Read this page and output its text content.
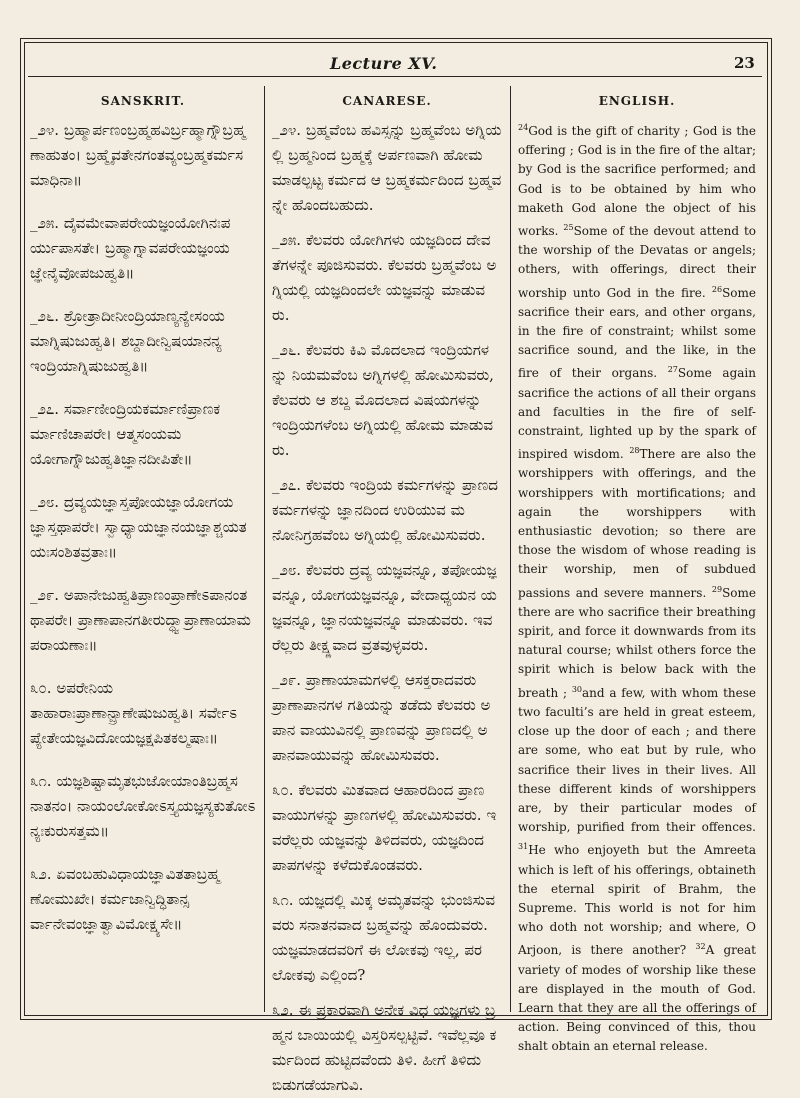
Lecture XV.	23
SANSKRIT.

_೨೪. ಬ್ರಹ್ಮಾರ್ಪಣಂಬ್ರಹ್ಮಹವಿರ್ಬ್ರಹ್ಮಾಗ್ನೌಬ್ರಹ್ಮಣಾಹುತಂ। ಬ್ರಹ್ಮೈವತೇನಗಂತವ್ಯಂಬ್ರಹ್ಮಕರ್ಮಸಮಾಧಿನಾ॥

_೨೫. ದೈವಮೇವಾಪರೇಯಜ್ಞಂಯೋಗಿನಃಪರ್ಯುಪಾಸತೇ। ಬ್ರಹ್ಮಾಗ್ನಾವಪರೇಯಜ್ಞಂಯಜ್ಞೇನೈವೋಪಜುಹ್ವತಿ॥

_೨೬. ಶ್ರೋತ್ರಾದೀನೀಂದ್ರಿಯಾಣ್ಯನ್ಯೇಸಂಯಮಾಗ್ನಿಷುಜುಹ್ವತಿ। ಶಬ್ದಾದೀನ್ವಿಷಯಾನನ್ಯಇಂದ್ರಿಯಾಗ್ನಿಷುಜುಹ್ವತಿ॥

_೨೭. ಸರ್ವಾಣೀಂದ್ರಿಯಕರ್ಮಾಣಿಪ್ರಾಣಕರ್ಮಾಣಿಚಾಪರೇ। ಆತ್ಮಸಂಯಮಯೋಗಾಗ್ನೌಜುಹ್ವತಿಜ್ಞಾನದೀಪಿತೇ॥

_೨೮. ದ್ರವ್ಯಯಜ್ಞಾಸ್ತಪೋಯಜ್ಞಾಯೋಗಯಜ್ಞಾಸ್ತಥಾಪರೇ। ಸ್ವಾಧ್ಯಾಯಜ್ಞಾನಯಜ್ಞಾಶ್ಚಯತಯಃಸಂಶಿತವ್ರತಾಃ॥

_೨೯. ಅಪಾನೇಜುಹ್ವತಿಪ್ರಾಣಂಪ್ರಾಣೇಽಪಾನಂತಥಾಪರೇ। ಪ್ರಾಣಾಪಾನಗತೀರುದ್ಧ್ವಾಪ್ರಾಣಾಯಾಮಪರಾಯಣಾಃ॥

೩೦. ಅಪರೇನಿಯತಾಹಾರಾಃಪ್ರಾಣಾನ್ಪ್ರಾಣೇಷುಜುಹ್ವತಿ। ಸರ್ವೇಽಪ್ಯೇತೇಯಜ್ಞವಿದೋಯಜ್ಞಕ್ಷಪಿತಕಲ್ಮಷಾಃ॥

೩೧. ಯಜ್ಞಶಿಷ್ಟಾಮೃತಭುಜೋಯಾಂತಿಬ್ರಹ್ಮಸನಾತನಂ। ನಾಯಂಲೋಕೋಽಸ್ತ್ಯಯಜ್ಞಸ್ಯಕುತೋಽನ್ಯಃಕುರುಸತ್ತಮ॥

೩೨. ಏವಂಬಹುವಿಧಾಯಜ್ಞಾವಿತತಾಬ್ರಹ್ಮಣೋಮುಖೇ। ಕರ್ಮಜಾನ್ವಿದ್ಧಿತಾನ್ಸರ್ವಾನೇವಂಜ್ಞಾತ್ವಾವಿಮೋಕ್ಷ್ಯಸೇ॥

CANARESE.

_೨೪. ಬ್ರಹ್ಮವೆಂಬ ಹವಿಸ್ಸನ್ನು ಬ್ರಹ್ಮವೆಂಬ ಅಗ್ನಿಯಲ್ಲಿ ಬ್ರಹ್ಮನಿಂದ ಬ್ರಹ್ಮಕ್ಕೆ ಅರ್ಪಣವಾಗಿ ಹೋಮಮಾಡಲ್ಪಟ್ಟ ಕರ್ಮದ ಆ ಬ್ರಹ್ಮಕರ್ಮದಿಂದ ಬ್ರಹ್ಮವನ್ನೇ ಹೊಂದಬಹುದು.

_೨೫. ಕೆಲವರು ಯೋಗಿಗಳು ಯಜ್ಞದಿಂದ ದೇವತೆಗಳನ್ನೇ ಪೂಜಿಸುವರು. ಕೆಲವರು ಬ್ರಹ್ಮವೆಂಬ ಅಗ್ನಿಯಲ್ಲಿ ಯಜ್ಞದಿಂದಲೇ ಯಜ್ಞವನ್ನು ಮಾಡುವರು.

_೨೬. ಕೆಲವರು ಕಿವಿ ಮೊದಲಾದ ಇಂದ್ರಿಯಗಳನ್ನು ನಿಯಮವೆಂಬ ಅಗ್ನಿಗಳಲ್ಲಿ ಹೋಮಿಸುವರು, ಕೆಲವರು ಆ ಶಬ್ದ ಮೊದಲಾದ ವಿಷಯಗಳನ್ನು ಇಂದ್ರಿಯಗಳೆಂಬ ಅಗ್ನಿಯಲ್ಲಿ ಹೋಮ ಮಾಡುವರು.

_೨೭. ಕೆಲವರು ಇಂದ್ರಿಯ ಕರ್ಮಗಳನ್ನು ಪ್ರಾಣದ ಕರ್ಮಗಳನ್ನು ಜ್ಞಾನದಿಂದ ಉರಿಯುವ ಮನೋನಿಗ್ರಹವೆಂಬ ಅಗ್ನಿಯಲ್ಲಿ ಹೋಮಿಸುವರು.

_೨೮. ಕೆಲವರು ದ್ರವ್ಯ ಯಜ್ಞವನ್ನೂ, ತಪೋಯಜ್ಞವನ್ನೂ, ಯೋಗಯಜ್ಞವನ್ನೂ, ವೇದಾಧ್ಯಯನ ಯಜ್ಞವನ್ನೂ, ಜ್ಞಾನಯಜ್ಞವನ್ನೂ ಮಾಡುವರು. ಇವರೆಲ್ಲರು ತೀಕ್ಷ್ಣವಾದ ವ್ರತವುಳ್ಳವರು.

_೨೯. ಪ್ರಾಣಾಯಾಮಗಳಲ್ಲಿ ಆಸಕ್ತರಾದವರು ಪ್ರಾಣಾಪಾನಗಳ ಗತಿಯನ್ನು ತಡೆದು ಕೆಲವರು ಅಪಾನ ವಾಯುವಿನಲ್ಲಿ ಪ್ರಾಣವನ್ನು ಪ್ರಾಣದಲ್ಲಿ ಅಪಾನವಾಯುವನ್ನು ಹೋಮಿಸುವರು.

೩೦. ಕೆಲವರು ಮಿತವಾದ ಆಹಾರದಿಂದ ಪ್ರಾಣವಾಯುಗಳನ್ನು ಪ್ರಾಣಗಳಲ್ಲಿ ಹೋಮಿಸುವರು. ಇವರೆಲ್ಲರು ಯಜ್ಞವನ್ನು ತಿಳಿದವರು, ಯಜ್ಞದಿಂದ ಪಾಪಗಳನ್ನು ಕಳೆದುಕೊಂಡವರು.

೩೧. ಯಜ್ಞದಲ್ಲಿ ಮಿಕ್ಕ ಅಮೃತವನ್ನು ಭುಂಜಿಸುವವರು ಸನಾತನವಾದ ಬ್ರಹ್ಮವನ್ನು ಹೊಂದುವರು. ಯಜ್ಞಮಾಡದವರಿಗೆ ಈ ಲೋಕವು ಇಲ್ಲ, ಪರಲೋಕವು ಎಲ್ಲಿಂದ?

೩೨. ಈ ಪ್ರಕಾರವಾಗಿ ಅನೇಕ ವಿಧ ಯಜ್ಞಗಳು ಬ್ರಹ್ಮನ ಬಾಯಿಯಲ್ಲಿ ವಿಸ್ತರಿಸಲ್ಪಟ್ಟಿವೆ. ಇವೆಲ್ಲವೂ ಕರ್ಮದಿಂದ ಹುಟ್ಟಿದವೆಂದು ತಿಳಿ. ಹೀಗೆ ತಿಳಿದು ಬಿಡುಗಡೆಯಾಗುವಿ.

ENGLISH.

$^{24}$God is the gift of charity ; God is the offering ; God is in the fire of the altar; by God is the sacrifice performed; and God is to be obtained by him who maketh God alone the object of his works. $^{25}$Some of the devout attend to the worship of the Devatas or angels; others, with offerings, direct their worship unto God in the fire. $^{26}$Some sacrifice their ears, and other organs, in the fire of constraint; whilst some sacrifice sound, and the like, in the fire of their organs. $^{27}$Some again sacrifice the actions of all their organs and faculties in the fire of self-constraint, lighted up by the spark of inspired wisdom. $^{28}$There are also the worshippers with offerings, and the worshippers with mortifications; and again the worshippers with enthusiastic devotion; so there are those the wisdom of whose reading is their worship, men of subdued passions and severe manners. $^{29}$Some there are who sacrifice their breathing spirit, and force it downwards from its natural course; whilst others force the spirit which is below back with the breath ; $^{30}$and a few, with whom these two faculti’s are held in great esteem, close up the door of each ; and there are some, who eat but by rule, who sacrifice their lives in their lives. All these different kinds of worshippers are, by their particular modes of worship, purified from their offences. $^{31}$He who enjoyeth but the Amreeta which is left of his offerings, obtaineth the eternal spirit of Brahm, the Supreme. This world is not for him who doth not worship; and where, O Arjoon, is there another? $^{32}$A great variety of modes of worship like these are displayed in the mouth of God. Learn that they are all the offerings of action. Being convinced of this, thou shalt obtain an eternal release.
